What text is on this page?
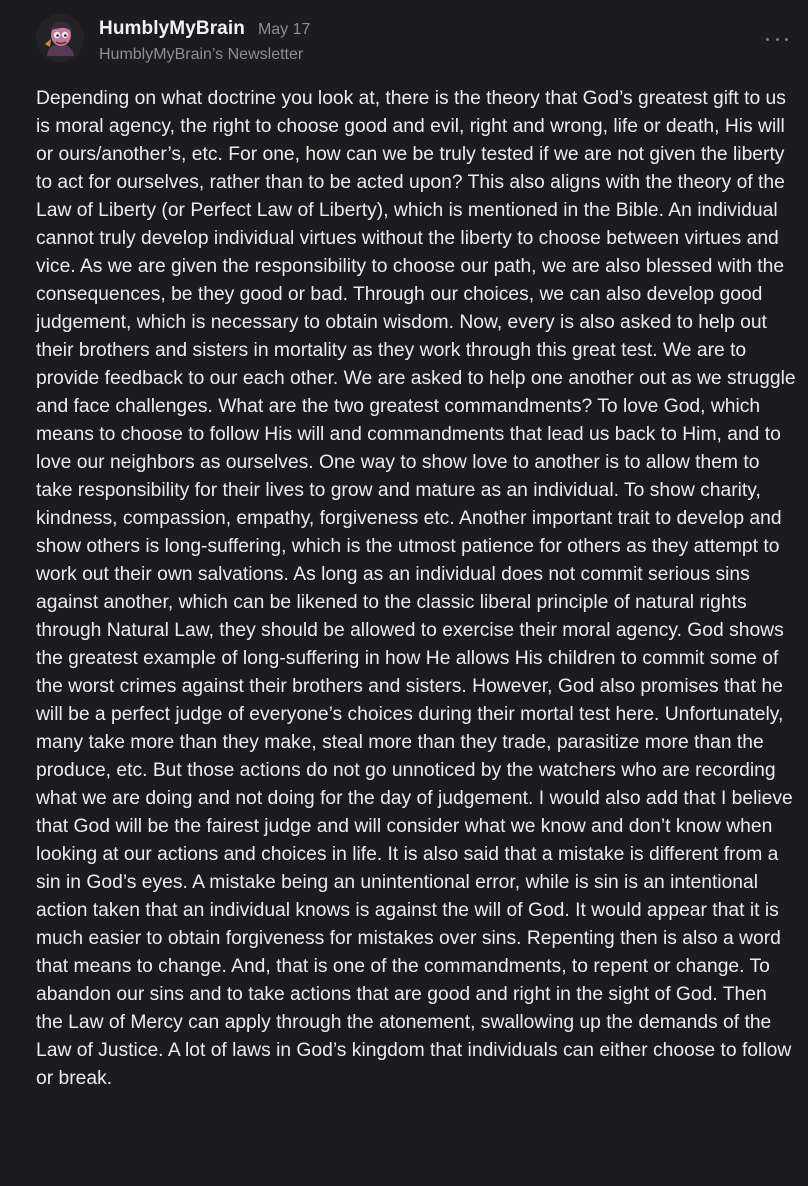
HumblyMyBrain May 17
HumblyMyBrain’s Newsletter

Depending on what doctrine you look at, there is the theory that God’s greatest gift to us is moral agency, the right to choose good and evil, right and wrong, life or death, His will or ours/another’s, etc. For one, how can we be truly tested if we are not given the liberty to act for ourselves, rather than to be acted upon? This also aligns with the theory of the Law of Liberty (or Perfect Law of Liberty), which is mentioned in the Bible. An individual cannot truly develop individual virtues without the liberty to choose between virtues and vice. As we are given the responsibility to choose our path, we are also blessed with the consequences, be they good or bad. Through our choices, we can also develop good judgement, which is necessary to obtain wisdom. Now, every is also asked to help out their brothers and sisters in mortality as they work through this great test. We are to provide feedback to our each other. We are asked to help one another out as we struggle and face challenges. What are the two greatest commandments? To love God, which means to choose to follow His will and commandments that lead us back to Him, and to love our neighbors as ourselves. One way to show love to another is to allow them to take responsibility for their lives to grow and mature as an individual. To show charity, kindness, compassion, empathy, forgiveness etc. Another important trait to develop and show others is long-suffering, which is the utmost patience for others as they attempt to work out their own salvations. As long as an individual does not commit serious sins against another, which can be likened to the classic liberal principle of natural rights through Natural Law, they should be allowed to exercise their moral agency. God shows the greatest example of long-suffering in how He allows His children to commit some of the worst crimes against their brothers and sisters. However, God also promises that he will be a perfect judge of everyone’s choices during their mortal test here. Unfortunately, many take more than they make, steal more than they trade, parasitize more than the produce, etc. But those actions do not go unnoticed by the watchers who are recording what we are doing and not doing for the day of judgement. I would also add that I believe that God will be the fairest judge and will consider what we know and don’t know when looking at our actions and choices in life. It is also said that a mistake is different from a sin in God’s eyes. A mistake being an unintentional error, while is sin is an intentional action taken that an individual knows is against the will of God. It would appear that it is much easier to obtain forgiveness for mistakes over sins. Repenting then is also a word that means to change. And, that is one of the commandments, to repent or change. To abandon our sins and to take actions that are good and right in the sight of God. Then the Law of Mercy can apply through the atonement, swallowing up the demands of the Law of Justice. A lot of laws in God’s kingdom that individuals can either choose to follow or break.
